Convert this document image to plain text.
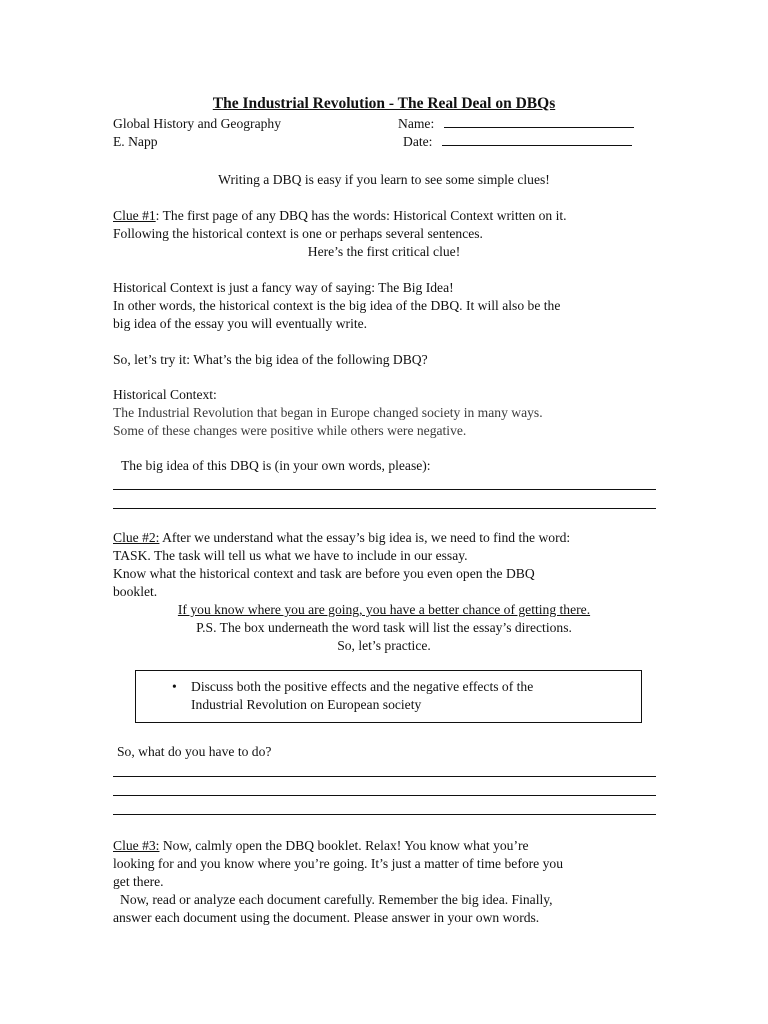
The Industrial Revolution - The Real Deal on DBQs
Global History and Geography	Name:
E. Napp	Date:
Writing a DBQ is easy if you learn to see some simple clues!
Clue #1: The first page of any DBQ has the words: Historical Context written on it.
Following the historical context is one or perhaps several sentences.
Here’s the first critical clue!
Historical Context is just a fancy way of saying: The Big Idea!
In other words, the historical context is the big idea of the DBQ. It will also be the
big idea of the essay you will eventually write.
So, let’s try it: What’s the big idea of the following DBQ?
Historical Context:
The Industrial Revolution that began in Europe changed society in many ways.
Some of these changes were positive while others were negative.
The big idea of this DBQ is (in your own words, please):
Clue #2: After we understand what the essay’s big idea is, we need to find the word:
TASK. The task will tell us what we have to include in our essay.
Know what the historical context and task are before you even open the DBQ
booklet.
If you know where you are going, you have a better chance of getting there.
P.S. The box underneath the word task will list the essay’s directions.
So, let’s practice.
• Discuss both the positive effects and the negative effects of the
Industrial Revolution on European society
So, what do you have to do?
Clue #3: Now, calmly open the DBQ booklet. Relax! You know what you’re
looking for and you know where you’re going. It’s just a matter of time before you
get there.
Now, read or analyze each document carefully. Remember the big idea. Finally,
answer each document using the document. Please answer in your own words.
